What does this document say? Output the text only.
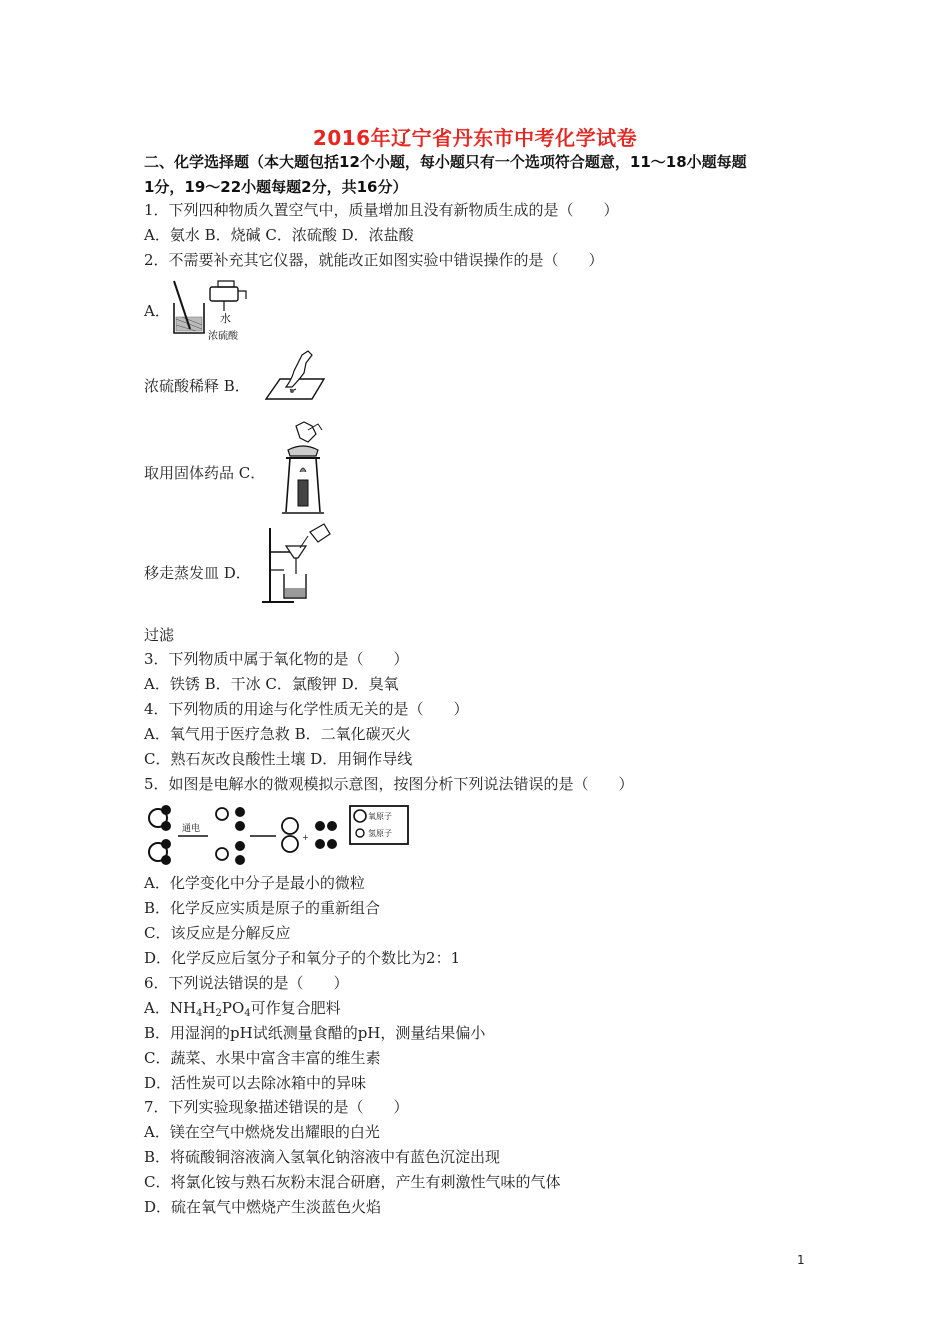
2016年辽宁省丹东市中考化学试卷
二、化学选择题（本大题包括12个小题，每小题只有一个选项符合题意，11～18小题每题
1分，19～22小题每题2分，共16分）
1．下列四种物质久置空气中，质量增加且没有新物质生成的是（　　）
A．氨水 B．烧碱 C．浓硫酸 D．浓盐酸
2．不需要补充其它仪器，就能改正如图实验中错误操作的是（　　）
A．	水
浓硫酸
浓硫酸稀释 B．
取用固体药品 C．
移走蒸发皿 D．
过滤
3．下列物质中属于氧化物的是（　　）
A．铁锈 B．干冰 C．氯酸钾 D．臭氧
4．下列物质的用途与化学性质无关的是（　　）
A．氧气用于医疗急救 B．二氧化碳灭火
C．熟石灰改良酸性土壤 D．用铜作导线
5．如图是电解水的微观模拟示意图，按图分析下列说法错误的是（　　）
通电
+
氧原子
氢原子
A．化学变化中分子是最小的微粒
B．化学反应实质是原子的重新组合
C．该反应是分解反应
D．化学反应后氢分子和氧分子的个数比为2：1
6．下列说法错误的是（　　）
A．$NH_4H_2PO_4$可作复合肥料
B．用湿润的pH试纸测量食醋的pH，测量结果偏小
C．蔬菜、水果中富含丰富的维生素
D．活性炭可以去除冰箱中的异味
7．下列实验现象描述错误的是（　　）
A．镁在空气中燃烧发出耀眼的白光
B．将硫酸铜溶液滴入氢氧化钠溶液中有蓝色沉淀出现
C．将氯化铵与熟石灰粉末混合研磨，产生有刺激性气味的气体
D．硫在氧气中燃烧产生淡蓝色火焰
1
